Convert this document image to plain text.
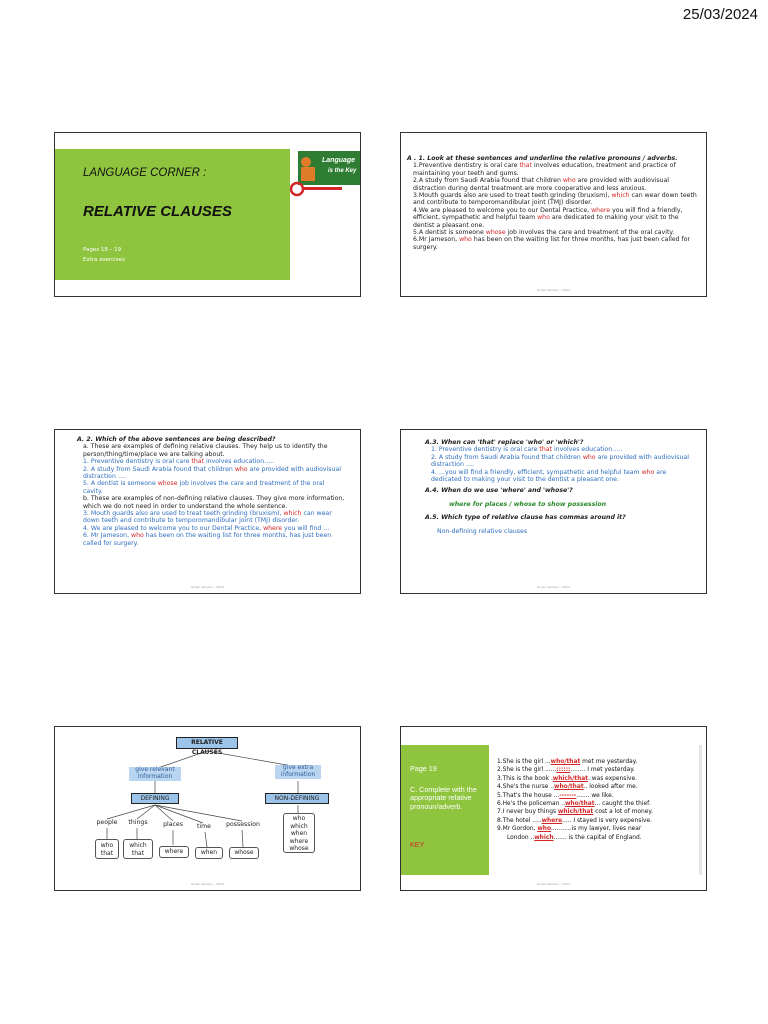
25/03/2024
LANGUAGE CORNER :
RELATIVE CLAUSES
Pages 18 – 19
Extra exercises
Language
is the Key
A . 1. Look at these sentences and underline the relative pronouns / adverbs.
1.Preventive dentistry is oral care that involves education, treatment and practice of maintaining your teeth and gums.
2.A study from Saudi Arabia found that children who are provided with audiovisual distraction during dental treatment are more cooperative and less anxious.
3.Mouth guards also are used to treat teeth grinding (bruxism), which can wear down teeth and contribute to temporomandibular joint (TMJ) disorder.
4.We are pleased to welcome you to our Dental Practice, where you will find a friendly, efficient, sympathetic and helpful team who are dedicated to making your visit to the dentist a pleasant one.
5.A dentist is someone whose job involves the care and treatment of the oral cavity.
6.Mr Jameson, who has been on the waiting list for three months, has just been called for surgery.
Grupo Gimeno – 2024
A. 2. Which of the above sentences are being described?
a. These are examples of defining relative clauses. They help us to identify the person/thing/time/place we are talking about.
1. Preventive dentistry is oral care that involves education…..
2. A study from Saudi Arabia found that children who are provided with audiovisual distraction ….
5. A dentist is someone whose job involves the care and treatment of the oral cavity.
b. These are examples of non-defining relative clauses. They give more information, which we do not need in order to understand the whole sentence.
3. Mouth guards also are used to treat teeth grinding (bruxism), which can wear down teeth and contribute to temporomandibular joint (TMJ) disorder.
4. We are pleased to welcome you to our Dental Practice, where you will find …
6. Mr Jameson, who has been on the waiting list for three months, has just been called for surgery.
Grupo Gimeno – 2024
A.3. When can 'that' replace 'who' or 'which'?
1. Preventive dentistry is oral care that involves education…..
2. A study from Saudi Arabia found that children who are provided with audiovisual distraction ….
4. …you will find a friendly, efficient, sympathetic and helpful team who are dedicated to making your visit to the dentist a pleasant one.
A.4. When do we use 'where' and 'whose'?
where for places / whose to show possession
A.5. Which type of relative clause has commas around it?
Non-defining relative clauses
Grupo Gimeno – 2024
RELATIVE CLAUSES
give relevant information
give extra information
DEFINING	NON-DEFINING
people	things	places	time	possession
who
that
which
that	where	when	whose
who
which
when
where
whose
Grupo Gimeno – 2024
Page 19
C. Complete with the appropriate relative pronoun/adverb.
KEY
1.She is the girl ...who/that met me yesterday.
2.She is the girl ......::::::........ I met yesterday.
3.This is the book .which/that. was expensive.
4.She's the nurse ..who/that.. looked after me.
5.That's the house ...-------....... we like.
6.He's the policeman ..who/that... caught the thief.
7.I never buy things which/that cost a lot of money.
8.The hotel .....where..... I stayed is very expensive.
9.Mr Gordon, who...........is my lawyer, lives near
London ..which....... is the capital of England.
Grupo Gimeno – 2024
